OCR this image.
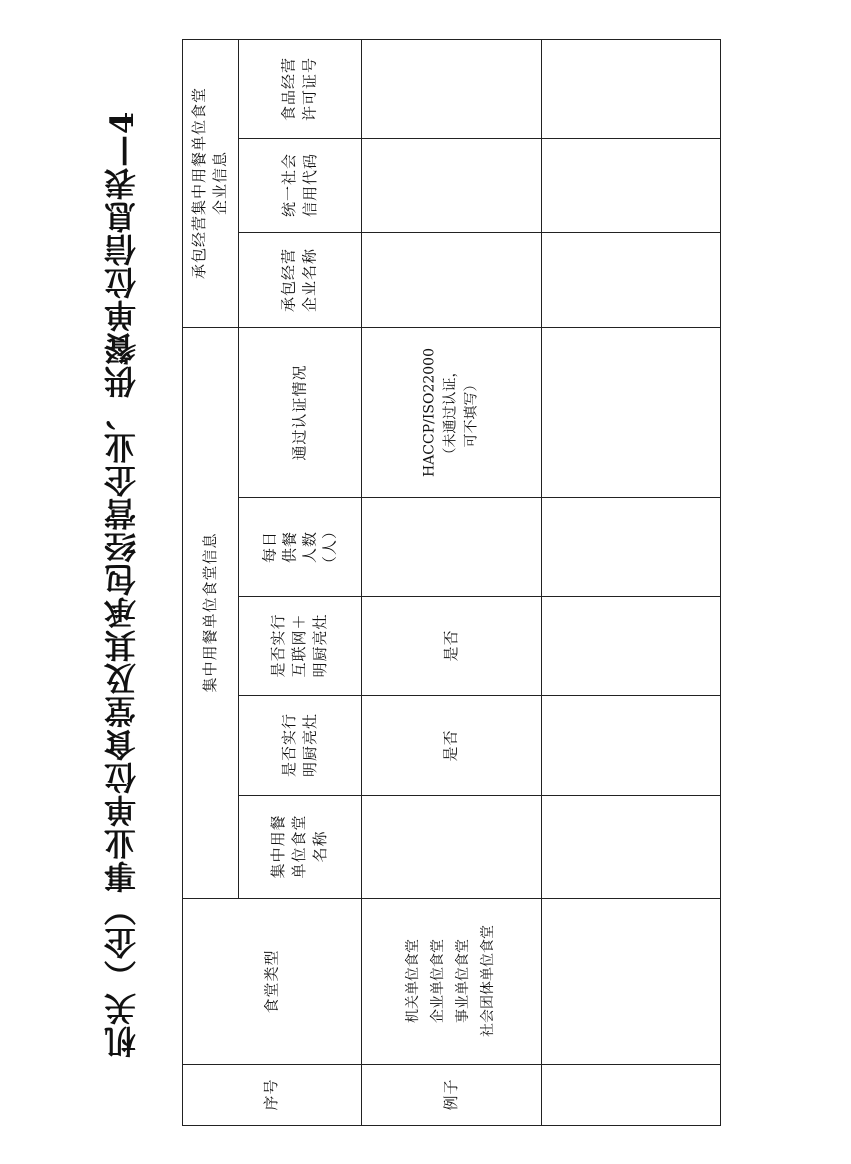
机关（企）事业单位食堂及其承包经营企业、供餐单位信息表—4	承包经营集中用餐单位食堂
企业信息
集中用餐单位食堂信息
食品经营
许可证号
统一社会
信用代码
承包经营
企业名称
通过认证情况
每日 供餐 人数 （人）
是否实行
互联网＋
明厨亮灶
是否实行
明厨亮灶
集中用餐
单位食堂
名称
食堂类型
序号
HACCP/ISO22000
（未通过认证，
可不填写）
是否
是否
机关单位食堂
企业单位食堂
事业单位食堂
社会团体单位食堂
例子
